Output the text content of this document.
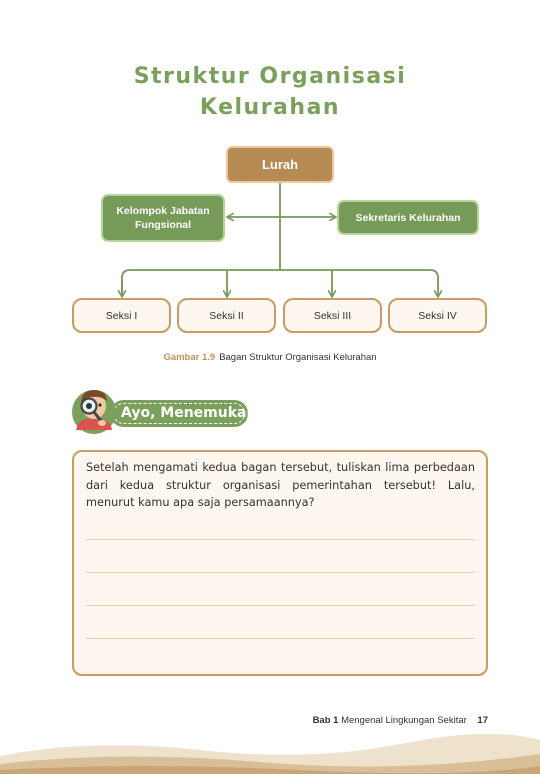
Struktur Organisasi
Kelurahan
Lurah
Kelompok Jabatan Fungsional
Sekretaris Kelurahan
Seksi I	Seksi II	Seksi III	Seksi IV
Gambar 1.9 Bagan Struktur Organisasi Kelurahan
Ayo, Menemukan

Setelah mengamati kedua bagan tersebut, tuliskan lima perbedaan dari kedua struktur organisasi pemerintahan tersebut! Lalu, menurut kamu apa saja persamaannya?

Bab 1 Mengenal Lingkungan Sekitar 17
